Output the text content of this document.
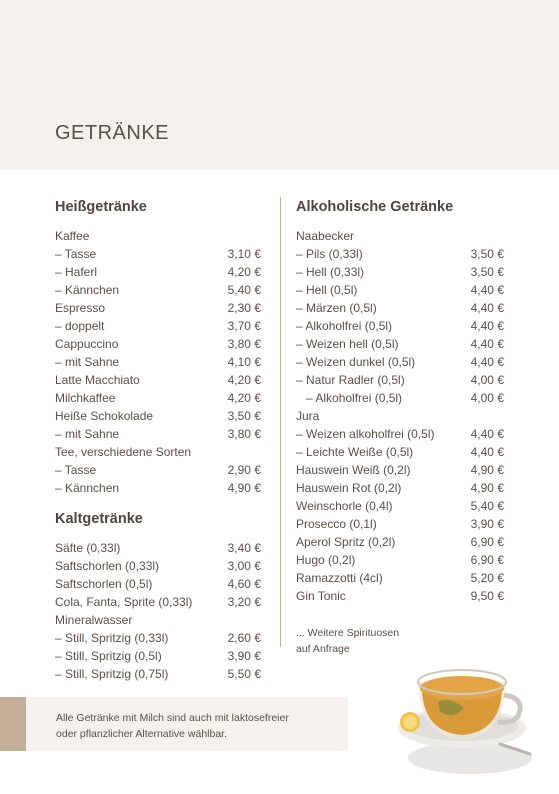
GETRÄNKE
Heißgetränke
Kaffee
– Tasse	3,10 €
– Haferl	4,20 €
– Kännchen	5,40 €
Espresso	2,30 €
– doppelt	3,70 €
Cappuccino	3,80 €
– mit Sahne	4,10 €
Latte Macchiato	4,20 €
Milchkaffee	4,20 €
Heiße Schokolade	3,50 €
– mit Sahne	3,80 €
Tee, verschiedene Sorten
– Tasse	2,90 €
– Kännchen	4,90 €
Kaltgetränke
Säfte (0,33l)	3,40 €
Saftschorlen (0,33l)	3,00 €
Saftschorlen (0,5l)	4,60 €
Cola, Fanta, Sprite (0,33l)	3,20 €
Mineralwasser
– Still, Spritzig (0,33l)	2,60 €
– Still, Spritzig (0,5l)	3,90 €
– Still, Spritzig (0,75l)	5,50 €
Alkoholische Getränke
Naabecker
– Pils (0,33l)	3,50 €
– Hell (0,33l)	3,50 €
– Hell (0,5l)	4,40 €
– Märzen (0,5l)	4,40 €
– Alkoholfrei (0,5l)	4,40 €
– Weizen hell (0,5l)	4,40 €
– Weizen dunkel (0,5l)	4,40 €
– Natur Radler (0,5l)	4,00 €
– Alkoholfrei (0,5l)	4,00 €
Jura
– Weizen alkoholfrei (0,5l)	4,40 €
– Leichte Weiße (0,5l)	4,40 €
Hauswein Weiß (0,2l)	4,90 €
Hauswein Rot (0,2l)	4,90 €
Weinschorle (0,4l)	5,40 €
Prosecco (0,1l)	3,90 €
Aperol Spritz (0,2l)	6,90 €
Hugo (0,2l)	6,90 €
Ramazzotti (4cl)	5,20 €
Gin Tonic	9,50 €
... Weitere Spirituosen
auf Anfrage
Alle Getränke mit Milch sind auch mit laktosefreier
oder pflanzlicher Alternative wählbar.
